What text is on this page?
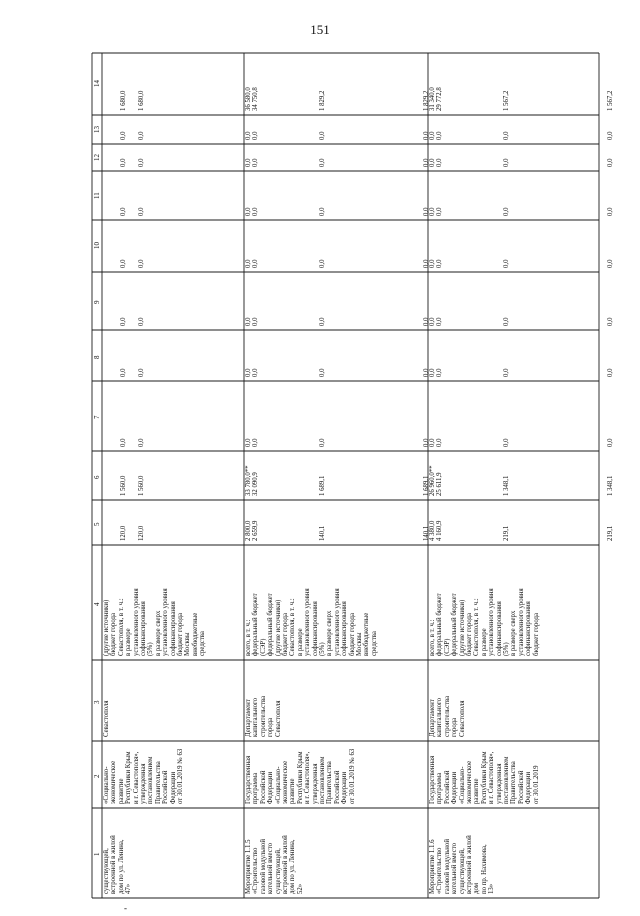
151
1
2
3
4
5
6
7
8
9
10
11
12
13
14
существующей, встроенной в жилой дом по ул. Ленина, 47»
«Социально- экономическое развитие Республики Крым и г. Севастополя», утвержденная постановлением Правительства Российской Федерации от 30.01.2019 № 63
Севастополя
(другие источники) бюджет города Севастополя, в т. ч.: в размере установленного уровня софинансирования (5%) в размере сверх установленного уровня софинансирования бюджет города Москвы внебюджетные средства
120,0
1 560,0
0,0
0,0
0,0
0,0
0,0
0,0
0,0
1 680,0
120,0
1 560,0
0,0
0,0
0,0
0,0
0,0
0,0
0,0
1 680,0
Мероприятие 1.1.5 «Строительство газовой модульной котельной вместо существующей, встроенной в жилой дом по ул. Ленина, 52»
Государственная программа Российской Федерации «Социально- экономическое развитие Республики Крым и г. Севастополя», утвержденная постановлением Правительства Российской Федерации от 30.01.2019 № 63
Департамент капитального строительства города Севастополя
всего, в т. ч.: федеральный бюджет (СЭР) федеральный бюджет (другие источники) бюджет города Севастополя, в т. ч.: в размере установленного уровня софинансирования (5%) в размере сверх установленного уровня софинансирования бюджет города Москвы внебюджетные средства
2 800,0
33 780,0**
0,0
0,0
0,0
0,0
0,0
0,0
0,0
36 580,0
2 659,9
32 090,9
0,0
0,0
0,0
0,0
0,0
0,0
0,0
34 750,8
140,1
1 689,1
0,0
0,0
0,0
0,0
0,0
0,0
0,0
1 829,2
140,1
1 689,1
0,0
0,0
0,0
0,0
0,0
0,0
0,0
1 829,2
Мероприятие 1.1.6 «Строительство газовой модульной котельной вместо существующей, встроенной в жилой дом по пр. Нахимова, 13»
Государственная программа Российской Федерации «Социально- экономическое развитие Республики Крым и г. Севастополя», утвержденная постановлением Правительства Российской Федерации от 30.01.2019
Департамент капитального строительства города Севастополя
всего, в т. ч.: федеральный бюджет (СЭР) федеральный бюджет (другие источники) бюджет города Севастополя, в т. ч.: в размере установленного уровня софинансирования (5%) в размере сверх установленного уровня софинансирования бюджет города
4 380,0
26 960,0**
0,0
0,0
0,0
0,0
0,0
0,0
0,0
31 340,0
4 160,9
25 611,9
0,0
0,0
0,0
0,0
0,0
0,0
0,0
29 772,8
219,1
1 348,1
0,0
0,0
0,0
0,0
0,0
0,0
0,0
1 567,2
219,1
1 348,1
0,0
0,0
0,0
0,0
0,0
0,0
0,0
1 567,2
-
